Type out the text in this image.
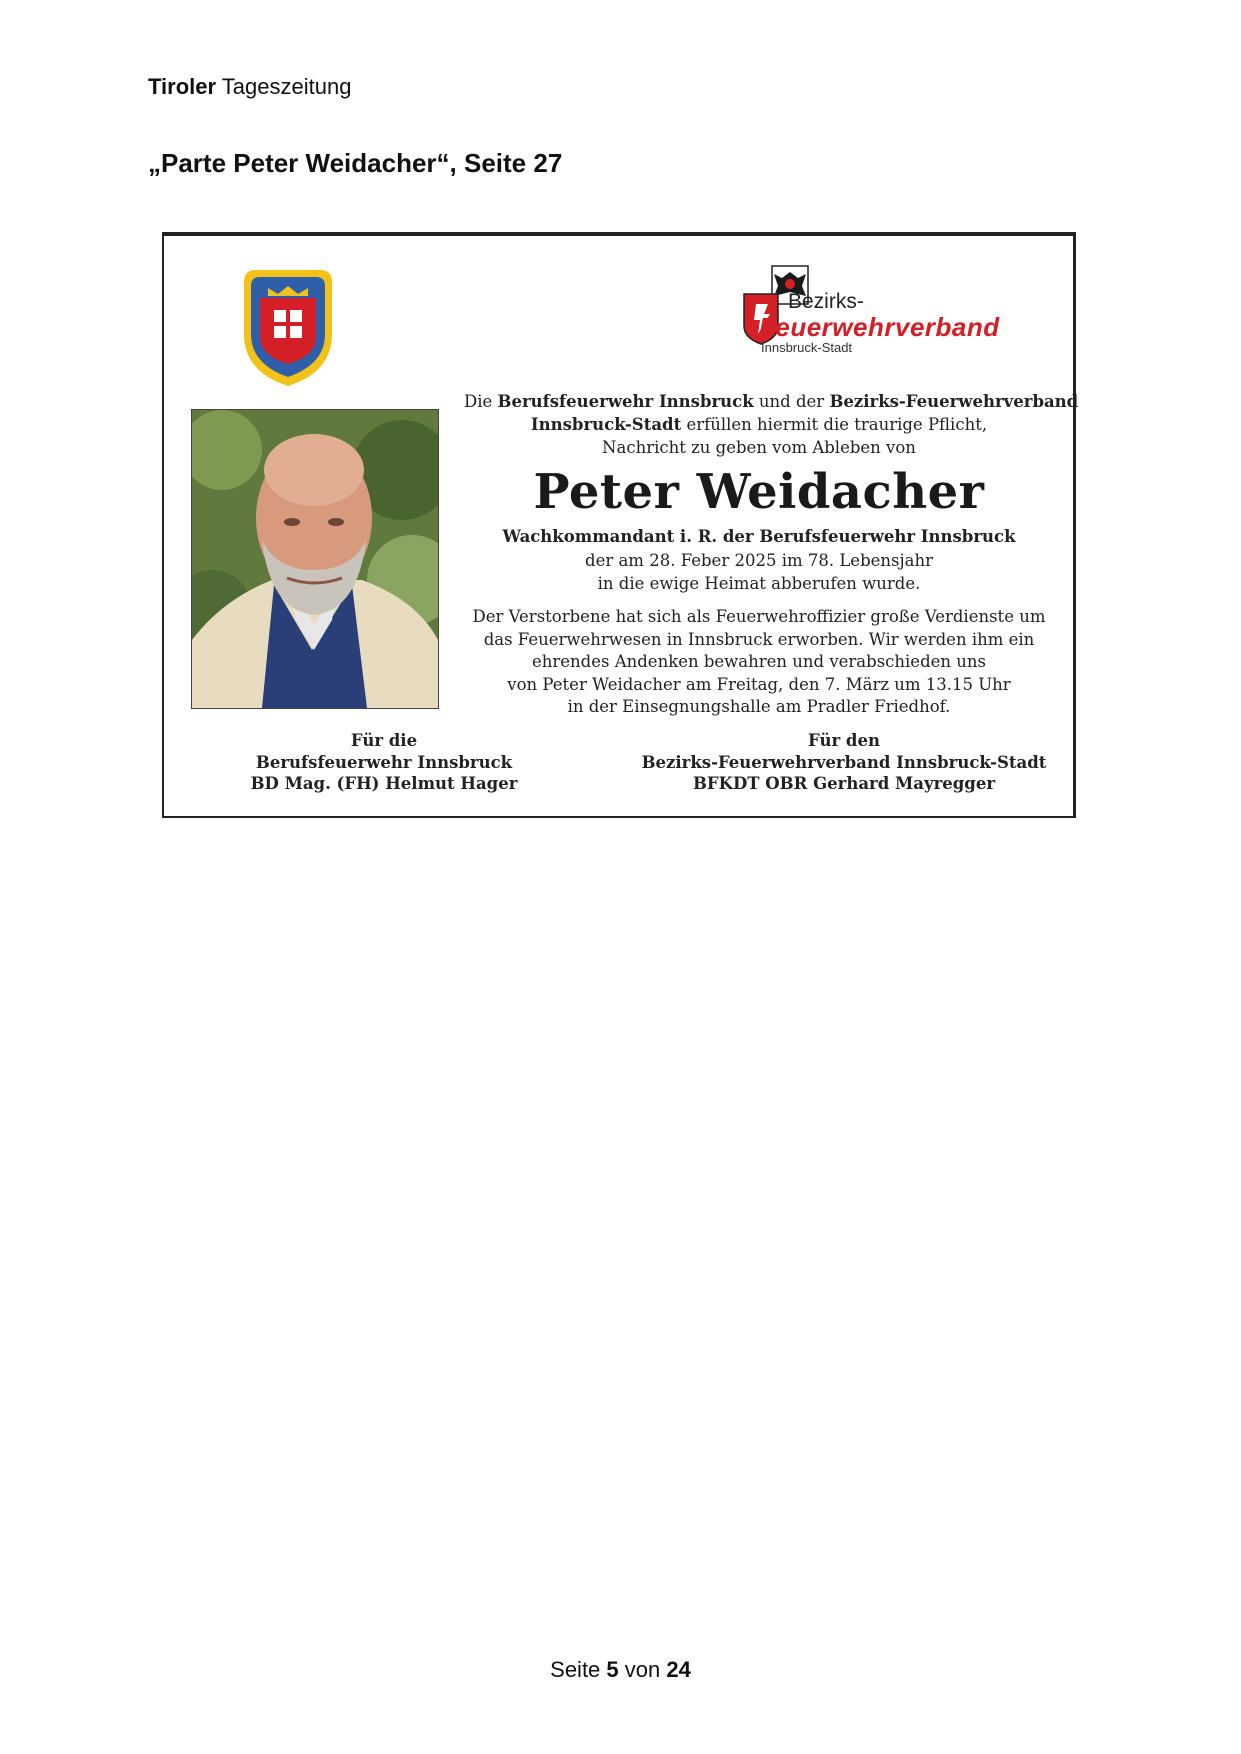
Tiroler Tageszeitung
„Parte Peter Weidacher“, Seite 27
Bezirks-
Feuerwehrverband
Innsbruck-Stadt
Die Berufsfeuerwehr Innsbruck und der Bezirks-Feuerwehrverband
Innsbruck-Stadt erfüllen hiermit die traurige Pflicht,
Nachricht zu geben vom Ableben von
Peter Weidacher
Wachkommandant i. R. der Berufsfeuerwehr Innsbruck
der am 28. Feber 2025 im 78. Lebensjahr
in die ewige Heimat abberufen wurde.
Der Verstorbene hat sich als Feuerwehroffizier große Verdienste um
das Feuerwehrwesen in Innsbruck erworben. Wir werden ihm ein
ehrendes Andenken bewahren und verabschieden uns
von Peter Weidacher am Freitag, den 7. März um 13.15 Uhr
in der Einsegnungshalle am Pradler Friedhof.
Für die
Berufsfeuerwehr Innsbruck
BD Mag. (FH) Helmut Hager
Für den
Bezirks-Feuerwehrverband Innsbruck-Stadt
BFKDT OBR Gerhard Mayregger
Seite 5 von 24
